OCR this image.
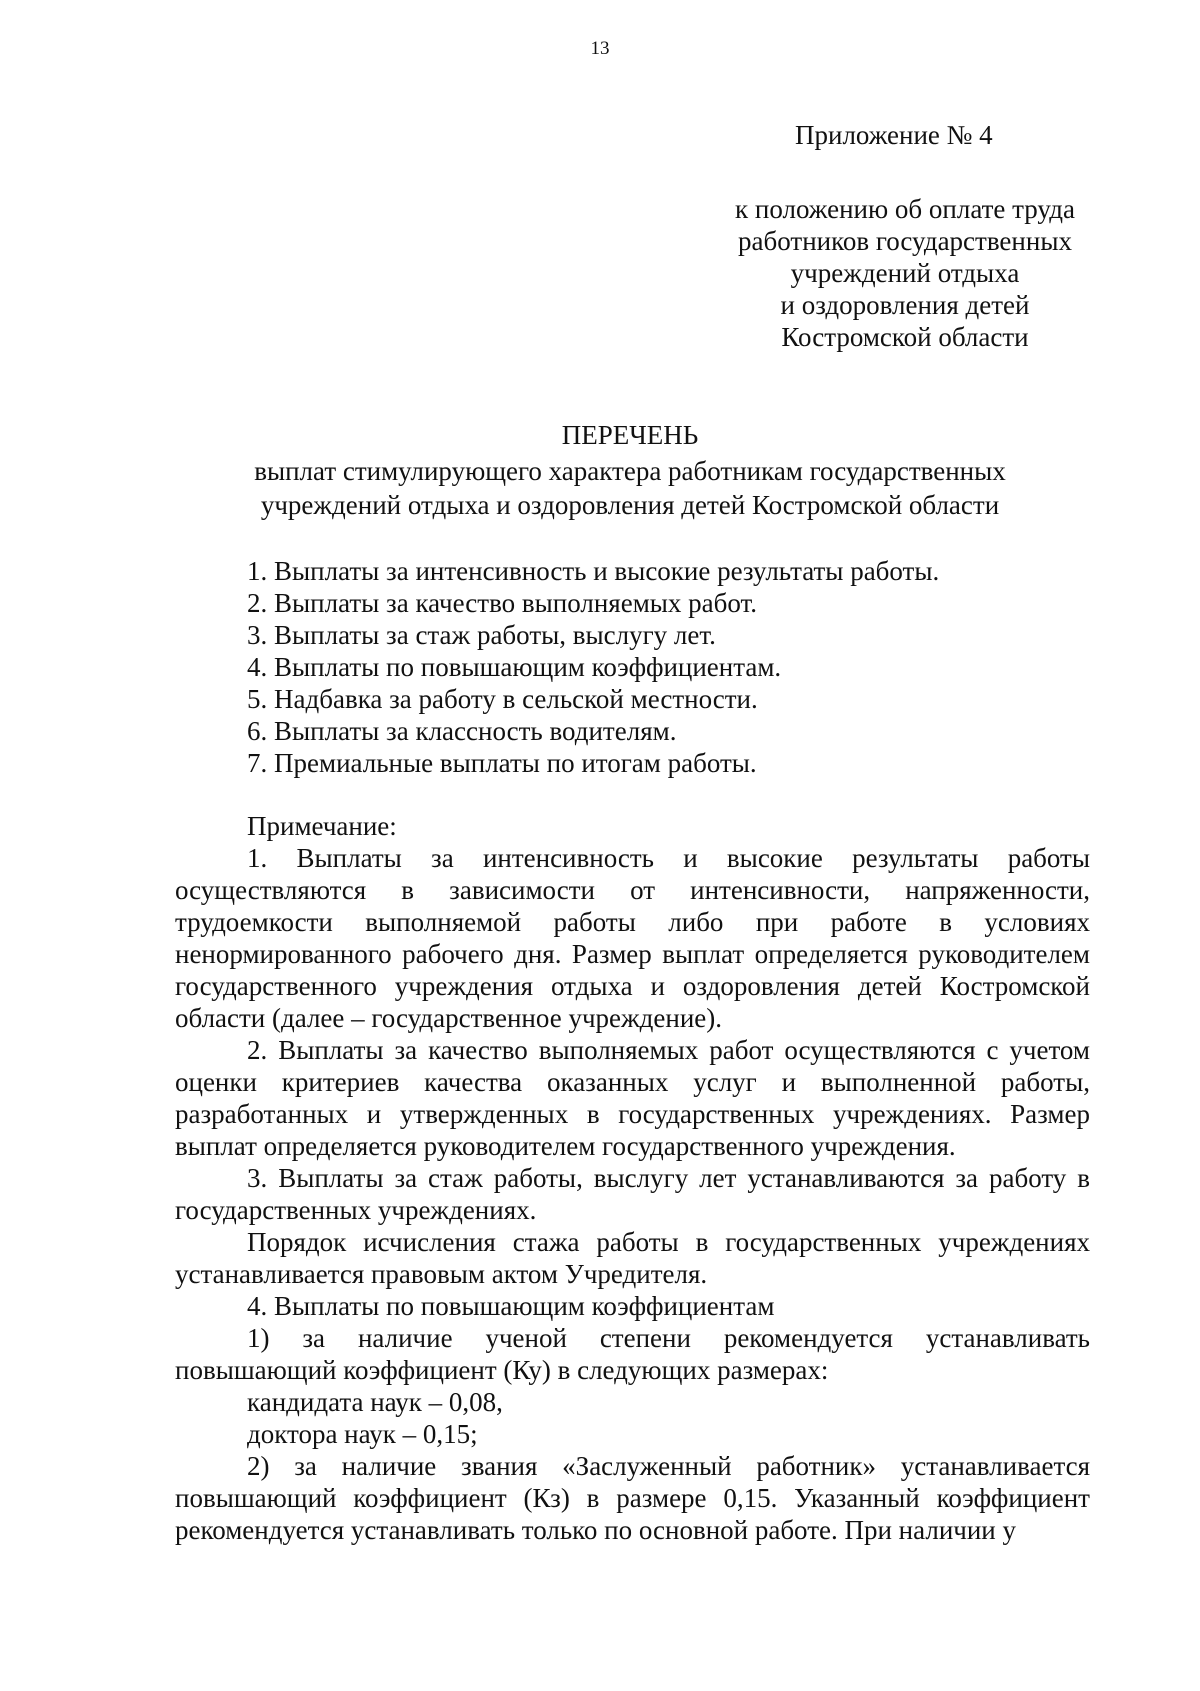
13
Приложение № 4
к положению об оплате труда
работников государственных
учреждений отдыха
и оздоровления детей
Костромской области
ПЕРЕЧЕНЬ
выплат стимулирующего характера работникам государственных
учреждений отдыха и оздоровления детей Костромской области
1. Выплаты за интенсивность и высокие результаты работы.
2. Выплаты за качество выполняемых работ.
3. Выплаты за стаж работы, выслугу лет.
4. Выплаты по повышающим коэффициентам.
5. Надбавка за работу в сельской местности.
6. Выплаты за классность водителям.
7. Премиальные выплаты по итогам работы.

Примечание:

1. Выплаты за интенсивность и высокие результаты работы осуществляются в зависимости от интенсивности, напряженности, трудоемкости выполняемой работы либо при работе в условиях ненормированного рабочего дня. Размер выплат определяется руководителем государственного учреждения отдыха и оздоровления детей Костромской области (далее – государственное учреждение).

2. Выплаты за качество выполняемых работ осуществляются с учетом оценки критериев качества оказанных услуг и выполненной работы, разработанных и утвержденных в государственных учреждениях. Размер выплат определяется руководителем государственного учреждения.

3. Выплаты за стаж работы, выслугу лет устанавливаются за работу в государственных учреждениях.

Порядок исчисления стажа работы в государственных учреждениях устанавливается правовым актом Учредителя.

4. Выплаты по повышающим коэффициентам

1) за наличие ученой степени рекомендуется устанавливать повышающий коэффициент (Ку) в следующих размерах:

кандидата наук – 0,08,

доктора наук – 0,15;

2) за наличие звания «Заслуженный работник» устанавливается повышающий коэффициент (Кз) в размере 0,15. Указанный коэффициент рекомендуется устанавливать только по основной работе. При наличии у
